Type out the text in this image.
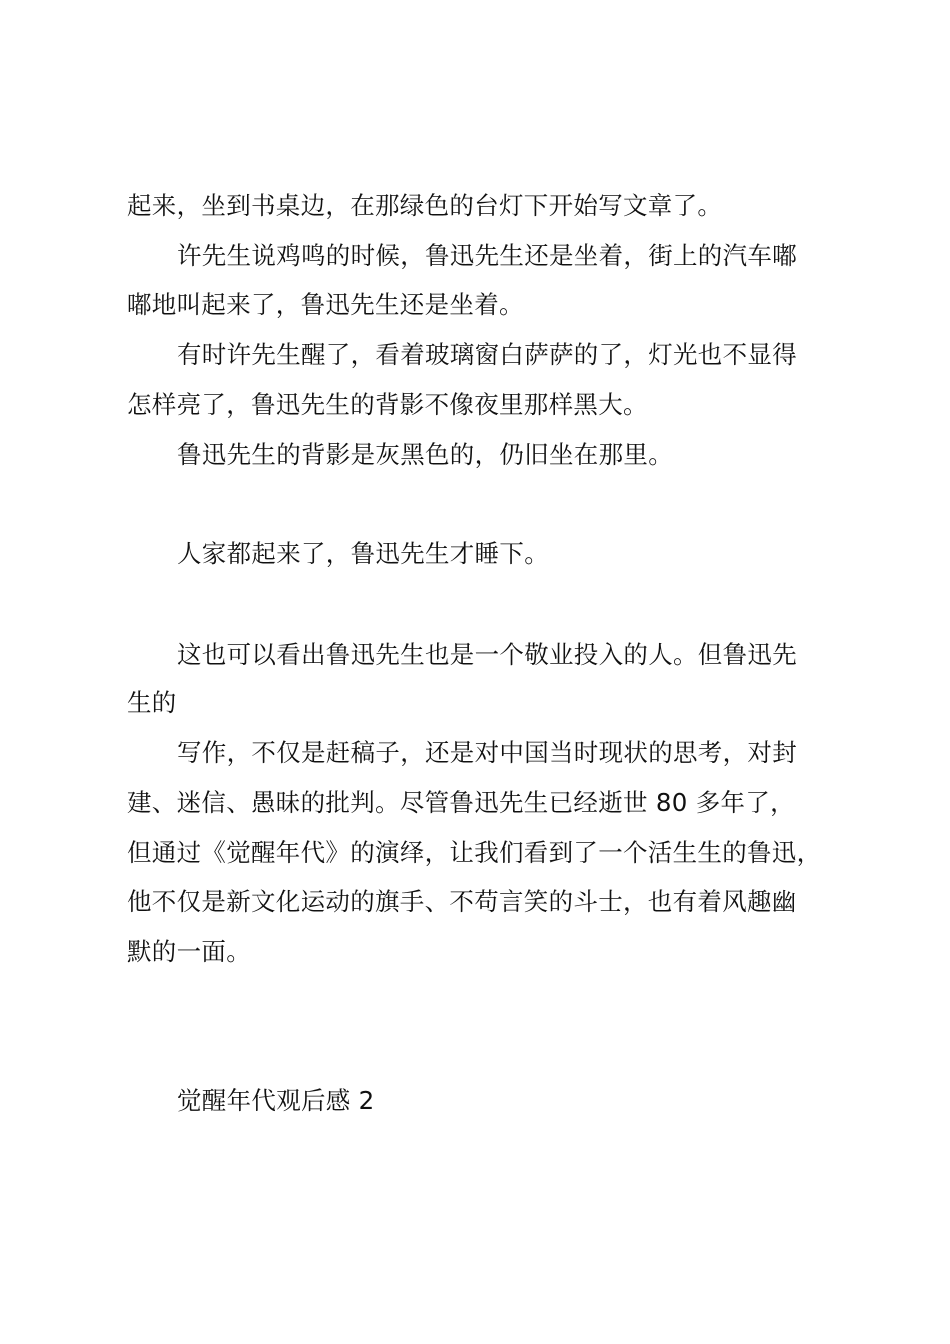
起来，坐到书桌边，在那绿色的台灯下开始写文章了。
许先生说鸡鸣的时候，鲁迅先生还是坐着，街上的汽车嘟
嘟地叫起来了，鲁迅先生还是坐着。
有时许先生醒了，看着玻璃窗白萨萨的了，灯光也不显得
怎样亮了，鲁迅先生的背影不像夜里那样黑大。
鲁迅先生的背影是灰黑色的，仍旧坐在那里。
人家都起来了，鲁迅先生才睡下。
这也可以看出鲁迅先生也是一个敬业投入的人。但鲁迅先
生的
写作，不仅是赶稿子，还是对中国当时现状的思考，对封
建、迷信、愚昧的批判。尽管鲁迅先生已经逝世 80 多年了，
但通过《觉醒年代》的演绎，让我们看到了一个活生生的鲁迅，
他不仅是新文化运动的旗手、不苟言笑的斗士，也有着风趣幽
默的一面。
觉醒年代观后感 2
